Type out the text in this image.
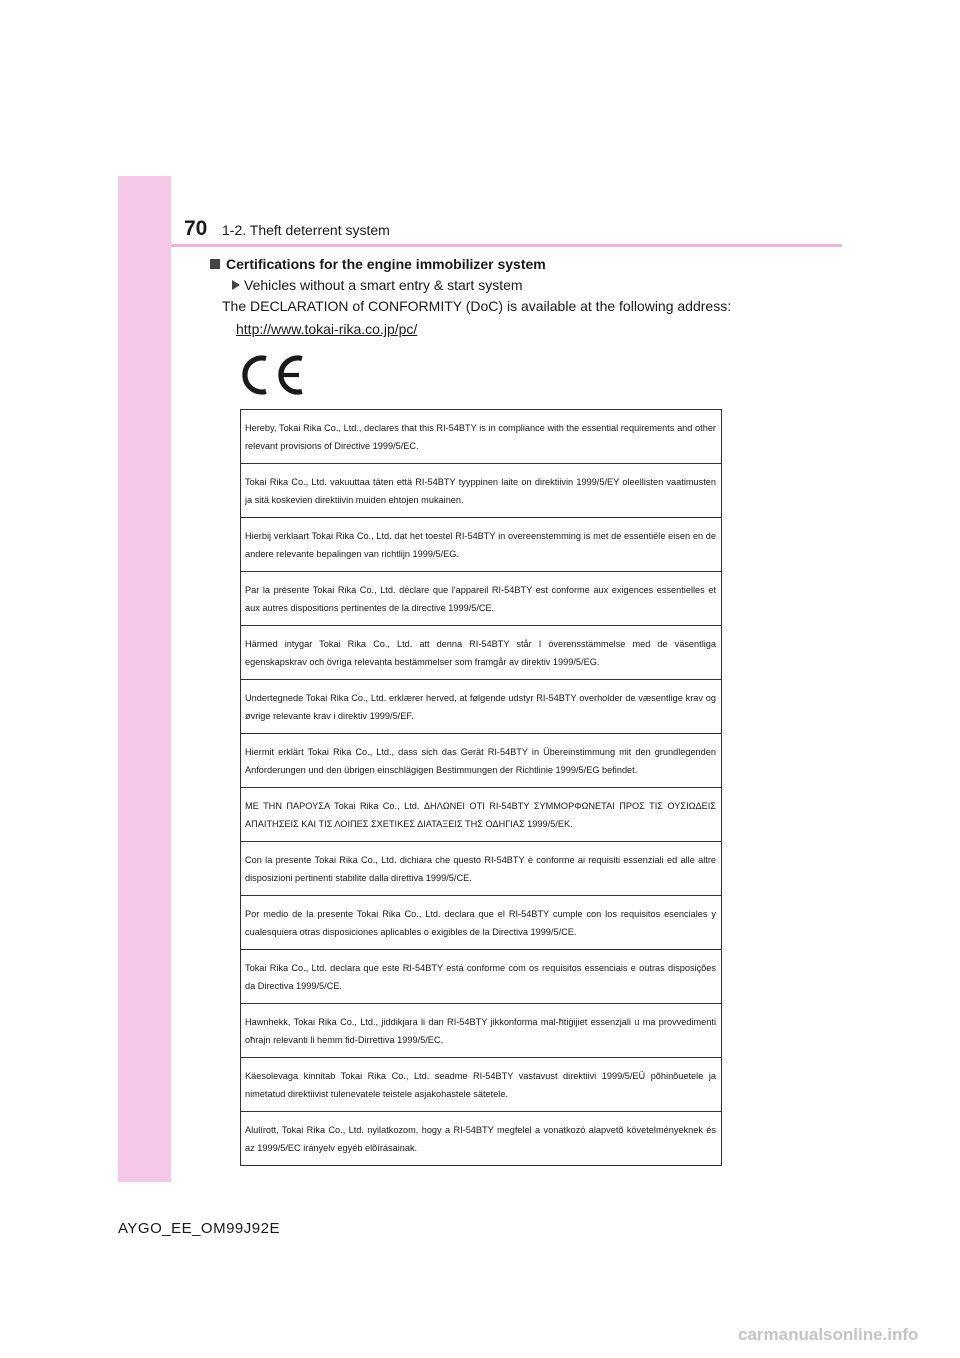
70 1-2. Theft deterrent system
Certifications for the engine immobilizer system
Vehicles without a smart entry & start system
The DECLARATION of CONFORMITY (DoC) is available at the following address:
http://www.tokai-rika.co.jp/pc/
Hereby, Tokai Rika Co., Ltd., declares that this RI-54BTY is in compliance with the essential requirements and other relevant provisions of Directive 1999/5/EC.
Tokai Rika Co., Ltd. vakuuttaa täten että RI-54BTY tyyppinen laite on direktiivin 1999/5/EY oleellisten vaatimusten ja sitä koskevien direktiivin muiden ehtojen mukainen.
Hierbij verklaart Tokai Rika Co., Ltd. dat het toestel RI-54BTY in overeenstemming is met de essentiële eisen en de andere relevante bepalingen van richtlijn 1999/5/EG.
Par la présente Tokai Rika Co., Ltd. déclare que l'appareil RI-54BTY est conforme aux exigences essentielles et aux autres dispositions pertinentes de la directive 1999/5/CE.
Härmed intygar Tokai Rika Co., Ltd. att denna RI-54BTY står I överensstämmelse med de väsentliga egenskapskrav och övriga relevanta bestämmelser som framgår av direktiv 1999/5/EG.
Undertegnede Tokai Rika Co., Ltd. erklærer herved, at følgende udstyr RI-54BTY overholder de væsentlige krav og øvrige relevante krav i direktiv 1999/5/EF.
Hiermit erklärt Tokai Rika Co., Ltd., dass sich das Gerät RI-54BTY in Übereinstimmung mit den grundlegenden Anforderungen und den übrigen einschlägigen Bestimmungen der Richtlinie 1999/5/EG befindet.
ΜΕ ΤΗΝ ΠΑΡΟΥΣΑ Tokai Rika Co., Ltd. ΔΗΛΩΝΕΙ ΟΤΙ RI-54BTY ΣΥΜΜΟΡΦΩΝΕΤΑΙ ΠΡΟΣ ΤΙΣ ΟΥΣΙΩΔΕΙΣ ΑΠΑΙΤΗΣΕΙΣ ΚΑΙ ΤΙΣ ΛΟΙΠΕΣ ΣΧΕΤΙΚΕΣ ΔΙΑΤΑΞΕΙΣ ΤΗΣ ΟΔΗΓΙΑΣ 1999/5/ΕΚ.
Con la presente Tokai Rika Co., Ltd. dichiara che questo RI-54BTY è conforme ai requisiti essenziali ed alle altre disposizioni pertinenti stabilite dalla direttiva 1999/5/CE.
Por medio de la presente Tokai Rika Co., Ltd. declara que el RI-54BTY cumple con los requisitos esenciales y cualesquiera otras disposiciones aplicables o exigibles de la Directiva 1999/5/CE.
Tokai Rika Co., Ltd. declara que este RI-54BTY está conforme com os requisitos essenciais e outras disposições da Directiva 1999/5/CE.
Hawnhekk, Tokai Rika Co., Ltd., jiddikjara li dan RI-54BTY jikkonforma mal-ħtiġijiet essenzjali u ma provvedimenti oħrajn relevanti li hemm fid-Dirrettiva 1999/5/EC.
Käesolevaga kinnitab Tokai Rika Co., Ltd. seadme RI-54BTY vastavust direktiivi 1999/5/EÜ põhinõuetele ja nimetatud direktiivist tulenevatele teistele asjakohastele sätetele.
Alulírott, Tokai Rika Co., Ltd. nyilatkozom, hogy a RI-54BTY megfelel a vonatkozó alapvetõ követelményeknek és az 1999/5/EC irányelv egyéb elõírásainak.
AYGO_EE_OM99J92E
carmanualsonline.info
